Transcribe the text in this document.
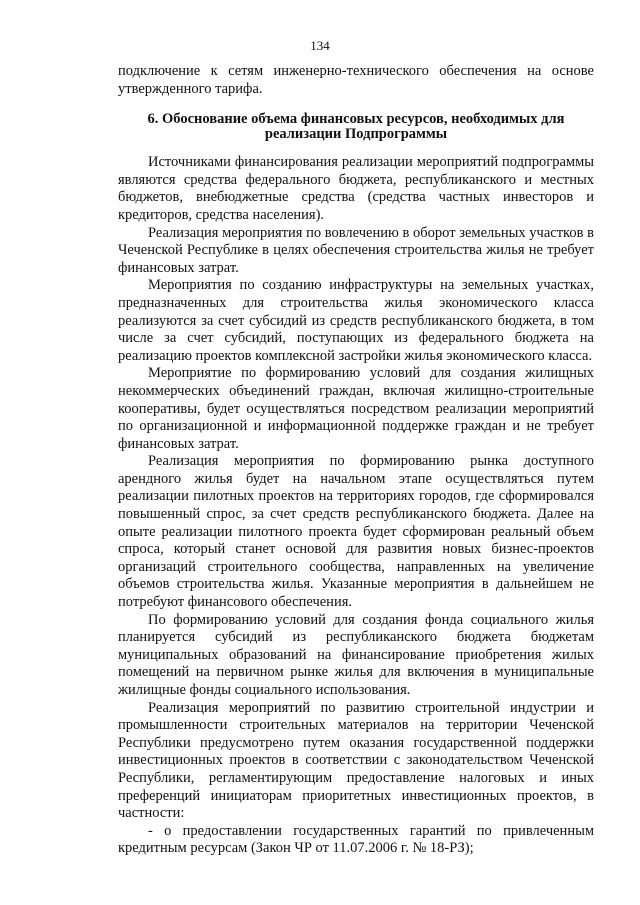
134

подключение к сетям инженерно-технического обеспечения на основе утвержденного тарифа.

6. Обоснование объема финансовых ресурсов, необходимых для реализации Подпрограммы

Источниками финансирования реализации мероприятий подпрограммы являются средства федерального бюджета, республиканского и местных бюджетов, внебюджетные средства (средства частных инвесторов и кредиторов, средства населения).

Реализация мероприятия по вовлечению в оборот земельных участков в Чеченской Республике в целях обеспечения строительства жилья не требует финансовых затрат.

Мероприятия по созданию инфраструктуры на земельных участках, предназначенных для строительства жилья экономического класса реализуются за счет субсидий из средств республиканского бюджета, в том числе за счет субсидий, поступающих из федерального бюджета на реализацию проектов комплексной застройки жилья экономического класса.

Мероприятие по формированию условий для создания жилищных некоммерческих объединений граждан, включая жилищно-строительные кооперативы, будет осуществляться посредством реализации мероприятий по организационной и информационной поддержке граждан и не требует финансовых затрат.

Реализация мероприятия по формированию рынка доступного арендного жилья будет на начальном этапе осуществляться путем реализации пилотных проектов на территориях городов, где сформировался повышенный спрос, за счет средств республиканского бюджета. Далее на опыте реализации пилотного проекта будет сформирован реальный объем спроса, который станет основой для развития новых бизнес-проектов организаций строительного сообщества, направленных на увеличение объемов строительства жилья. Указанные мероприятия в дальнейшем не потребуют финансового обеспечения.

По формированию условий для создания фонда социального жилья планируется субсидий из республиканского бюджета бюджетам муниципальных образований на финансирование приобретения жилых помещений на первичном рынке жилья для включения в муниципальные жилищные фонды социального использования.

Реализация мероприятий по развитию строительной индустрии и промышленности строительных материалов на территории Чеченской Республики предусмотрено путем оказания государственной поддержки инвестиционных проектов в соответствии с законодательством Чеченской Республики, регламентирующим предоставление налоговых и иных преференций инициаторам приоритетных инвестиционных проектов, в частности:

- о предоставлении государственных гарантий по привлеченным кредитным ресурсам (Закон ЧР от 11.07.2006 г. № 18-РЗ);
